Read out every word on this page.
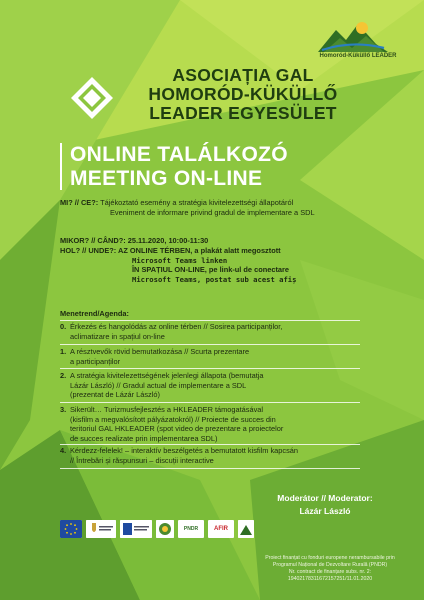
Homoród-Küküllő LEADER
ASOCIAȚIA GAL
HOMORÓD-KÜKÜLLŐ
LEADER EGYESÜLET
ONLINE TALÁLKOZÓ
MEETING ON-LINE
MI? // CE?: Tájékoztató esemény a stratégia kivitelezettségi állapotáról
Eveniment de informare privind gradul de implementare a SDL
MIKOR? // CÂND?: 25.11.2020, 10:00-11:30
HOL? // UNDE?: AZ ONLINE TÉRBEN, a plakát alatt megosztott
Microsoft Teams linken
ÎN SPAȚIUL ON-LINE, pe link-ul de conectare
Microsoft Teams, postat sub acest afiș
Menetrend/Agenda:
0. Érkezés és hangolódás az online térben // Sosirea participanților,
aclimatizare in spațiul on-line
1. A résztvevők rövid bemutatkozása // Scurta prezentare
a participanților
2. A stratégia kivitelezettségének jelenlegi állapota (bemutatja
Lázár László) // Gradul actual de implementare a SDL
(prezentat de Lázár László)
3. Sikerült… Turizmusfejlesztés a HKLEADER támogatásával
(kisfilm a megvalósított pályázatokról) // Proiecte de succes din
teritoriul GAL HKLEADER (spot video de prezentare a proiectelor
de succes realizate prin implementarea SDL)
4. Kérdezz-felelek! – interaktív beszélgetés a bemutatott kisfilm kapcsán
// Întrebări și răspunsuri – discuții interactive
Moderátor // Moderator:
Lázár László
PNDR	AFIR
Proiect finanțat cu fonduri europene nerambursabile prin
Programul Național de Dezvoltare Rurală (PNDR)
Nr. contract de finanțare subs. nr. 2:
19402178311672157251/11.01.2020
